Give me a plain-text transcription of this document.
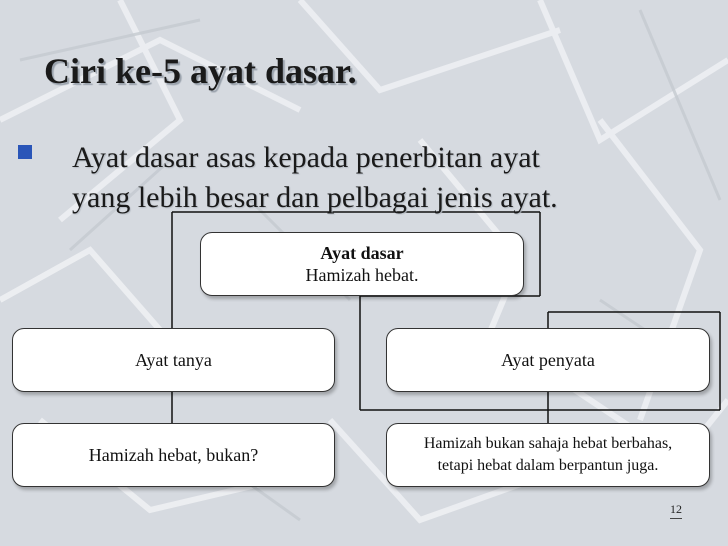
Ciri ke-5 ayat dasar.
Ayat dasar asas kepada penerbitan ayat
yang lebih besar dan pelbagai jenis ayat.
Ayat dasar
Hamizah hebat.
Ayat tanya	Ayat penyata
Hamizah hebat, bukan?
Hamizah bukan sahaja hebat berbahas,
tetapi hebat dalam berpantun juga.
12
